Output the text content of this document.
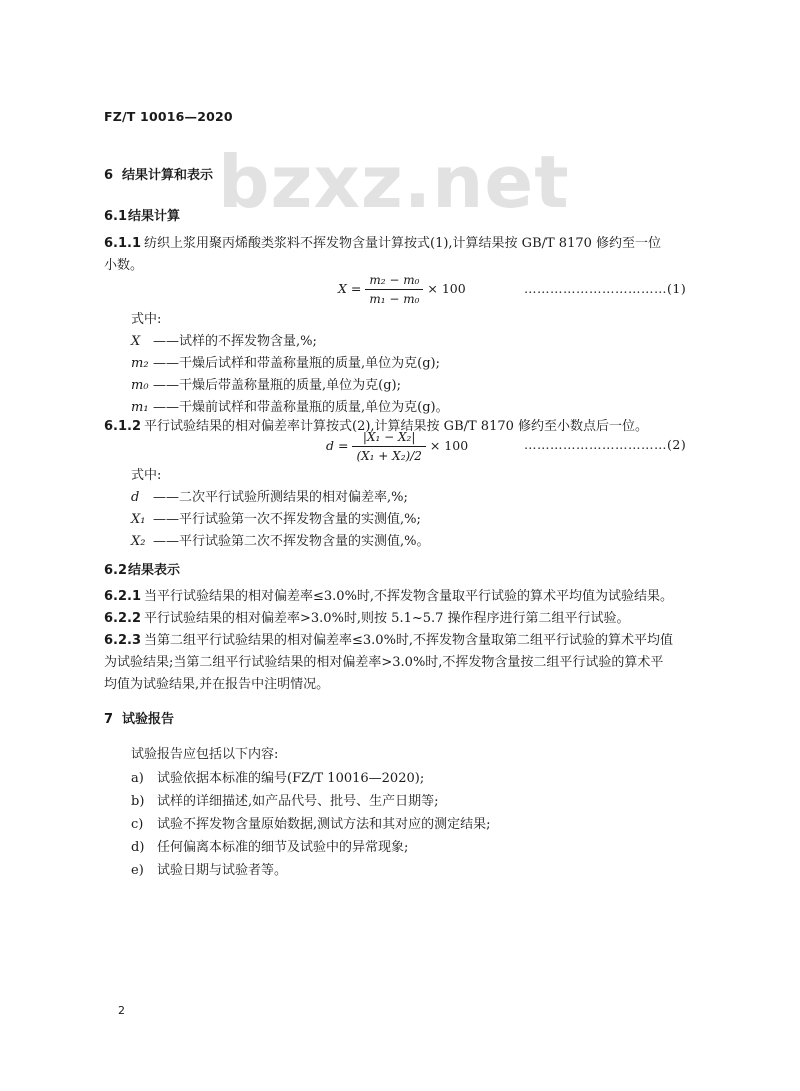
FZ/T 10016—2020
bzxz.net
6 结果计算和表示
6.1结果计算
6.1.1 纺织上浆用聚丙烯酸类浆料不挥发物含量计算按式(1),计算结果按 GB/T 8170 修约至一位
小数。
$X = \frac{\text{m₂ − m₀}}{\text{m₁ − m₀}} \times 100$	……………………………(1)
式中:
X ——试样的不挥发物含量,%;
m₂ ——干燥后试样和带盖称量瓶的质量,单位为克(g);
m₀ ——干燥后带盖称量瓶的质量,单位为克(g);
m₁ ——干燥前试样和带盖称量瓶的质量,单位为克(g)。
6.1.2 平行试验结果的相对偏差率计算按式(2),计算结果按 GB/T 8170 修约至小数点后一位。
$d = \frac{\text{|X₁ − X₂|}}{\text{(X₁ + X₂)/2}} \times 100$	……………………………(2)
式中:
d ——二次平行试验所测结果的相对偏差率,%;
X₁ ——平行试验第一次不挥发物含量的实测值,%;
X₂ ——平行试验第二次不挥发物含量的实测值,%。
6.2结果表示
6.2.1 当平行试验结果的相对偏差率≤3.0%时,不挥发物含量取平行试验的算术平均值为试验结果。
6.2.2 平行试验结果的相对偏差率>3.0%时,则按 5.1~5.7 操作程序进行第二组平行试验。
6.2.3 当第二组平行试验结果的相对偏差率≤3.0%时,不挥发物含量取第二组平行试验的算术平均值
为试验结果;当第二组平行试验结果的相对偏差率>3.0%时,不挥发物含量按二组平行试验的算术平
均值为试验结果,并在报告中注明情况。
7 试验报告
试验报告应包括以下内容:
a) 试验依据本标准的编号(FZ/T 10016—2020);
b) 试样的详细描述,如产品代号、批号、生产日期等;
c) 试验不挥发物含量原始数据,测试方法和其对应的测定结果;
d) 任何偏离本标准的细节及试验中的异常现象;
e) 试验日期与试验者等。
2
